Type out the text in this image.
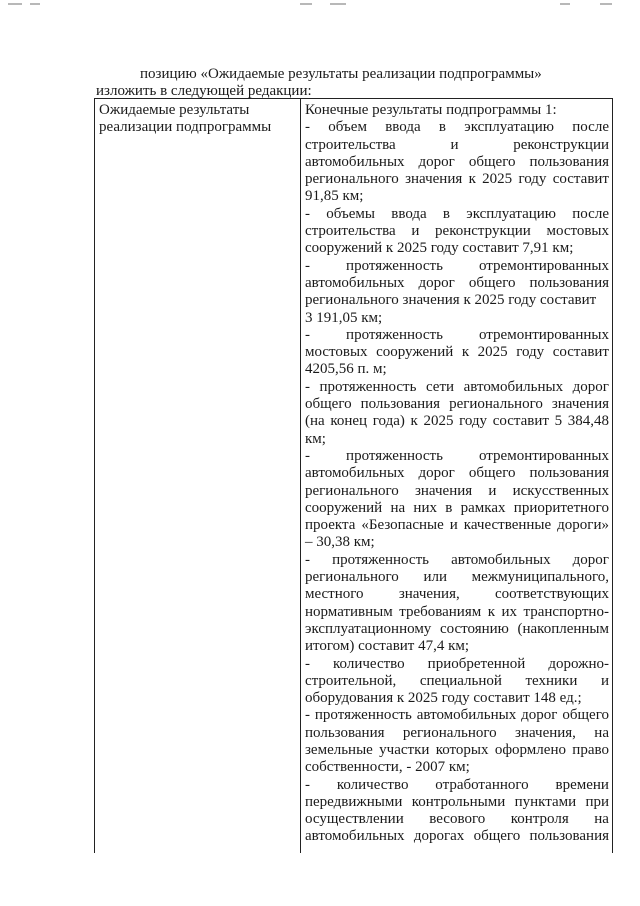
позицию «Ожидаемые результаты реализации подпрограммы»
изложить в следующей редакции:
Ожидаемые результаты
реализации подпрограммы
Конечные результаты подпрограммы 1:
- объем ввода в эксплуатацию после
строительства	и	реконструкции
автомобильных дорог общего пользования
регионального значения к 2025 году составит
91,85 км;
- объемы ввода в эксплуатацию после
строительства и реконструкции мостовых
сооружений к 2025 году составит 7,91 км;
- протяженность отремонтированных
автомобильных дорог общего пользования
регионального значения к 2025 году составит
3 191,05 км;
- протяженность отремонтированных
мостовых сооружений к 2025 году составит
4205,56 п. м;
- протяженность сети автомобильных дорог
общего пользования регионального значения
(на конец года) к 2025 году составит 5 384,48
км;
- протяженность отремонтированных
автомобильных дорог общего пользования
регионального значения и искусственных
сооружений на них в рамках приоритетного
проекта «Безопасные и качественные дороги»
– 30,38 км;
- протяженность автомобильных дорог
регионального или межмуниципального,
местного значения, соответствующих
нормативным требованиям к их транспортно-
эксплуатационному состоянию (накопленным
итогом) составит 47,4 км;
- количество приобретенной дорожно-
строительной, специальной техники и
оборудования к 2025 году составит 148 ед.;
- протяженность автомобильных дорог общего
пользования регионального значения, на
земельные участки которых оформлено право
собственности, - 2007 км;
- количество отработанного времени
передвижными контрольными пунктами при
осуществлении весового контроля на
автомобильных дорогах общего пользования
